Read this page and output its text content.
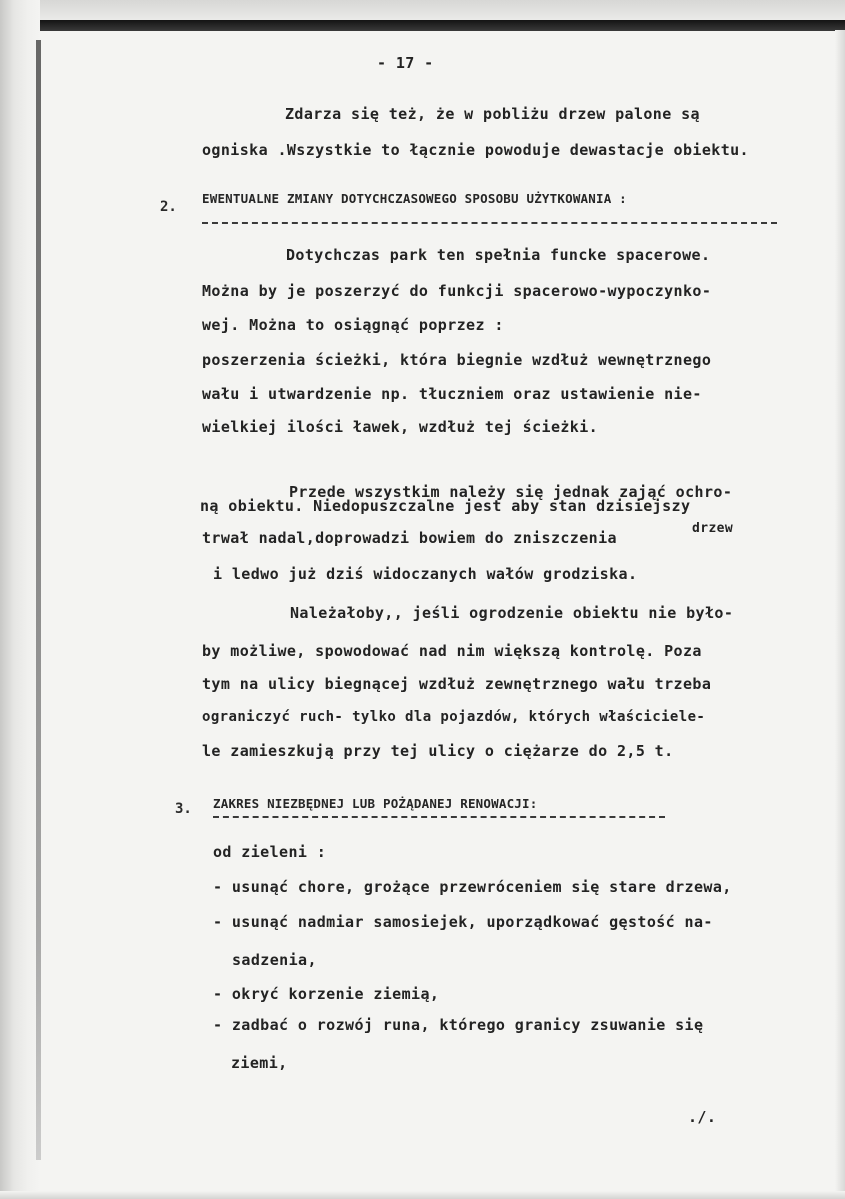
- 17 -
Zdarza się też, że w pobliżu drzew palone są
ogniska .Wszystkie to łącznie powoduje dewastacje obiektu.
2.
EWENTUALNE ZMIANY DOTYCHCZASOWEGO SPOSOBU UŻYTKOWANIA :
Dotychczas park ten spełnia funcke spacerowe.
Można by je poszerzyć do funkcji spacerowo-wypoczynko-
wej. Można to osiągnąć poprzez :
poszerzenia ścieżki, która biegnie wzdłuż wewnętrznego
wału i utwardzenie np. tłuczniem oraz ustawienie nie-
wielkiej ilości ławek, wzdłuż tej ścieżki.
Przede wszystkim należy się jednak zająć ochro-
ną obiektu. Niedopuszczalne jest aby stan dzisiejszy
trwał nadal,doprowadzi bowiem do zniszczenia
drzew
i ledwo już dziś widoczanych wałów grodziska.
Należałoby,, jeśli ogrodzenie obiektu nie było-
by możliwe, spowodować nad nim większą kontrolę. Poza
tym na ulicy biegnącej wzdłuż zewnętrznego wału trzeba
ograniczyć ruch- tylko dla pojazdów, których właściciele-
le zamieszkują przy tej ulicy o ciężarze do 2,5 t.
3. ZAKRES NIEZBĘDNEJ LUB POŻĄDANEJ RENOWACJI:
od zieleni :
- usunąć chore, grożące przewróceniem się stare drzewa,
- usunąć nadmiar samosiejek, uporządkować gęstość na-
sadzenia,
- okryć korzenie ziemią,
- zadbać o rozwój runa, którego granicy zsuwanie się
ziemi,
./.
